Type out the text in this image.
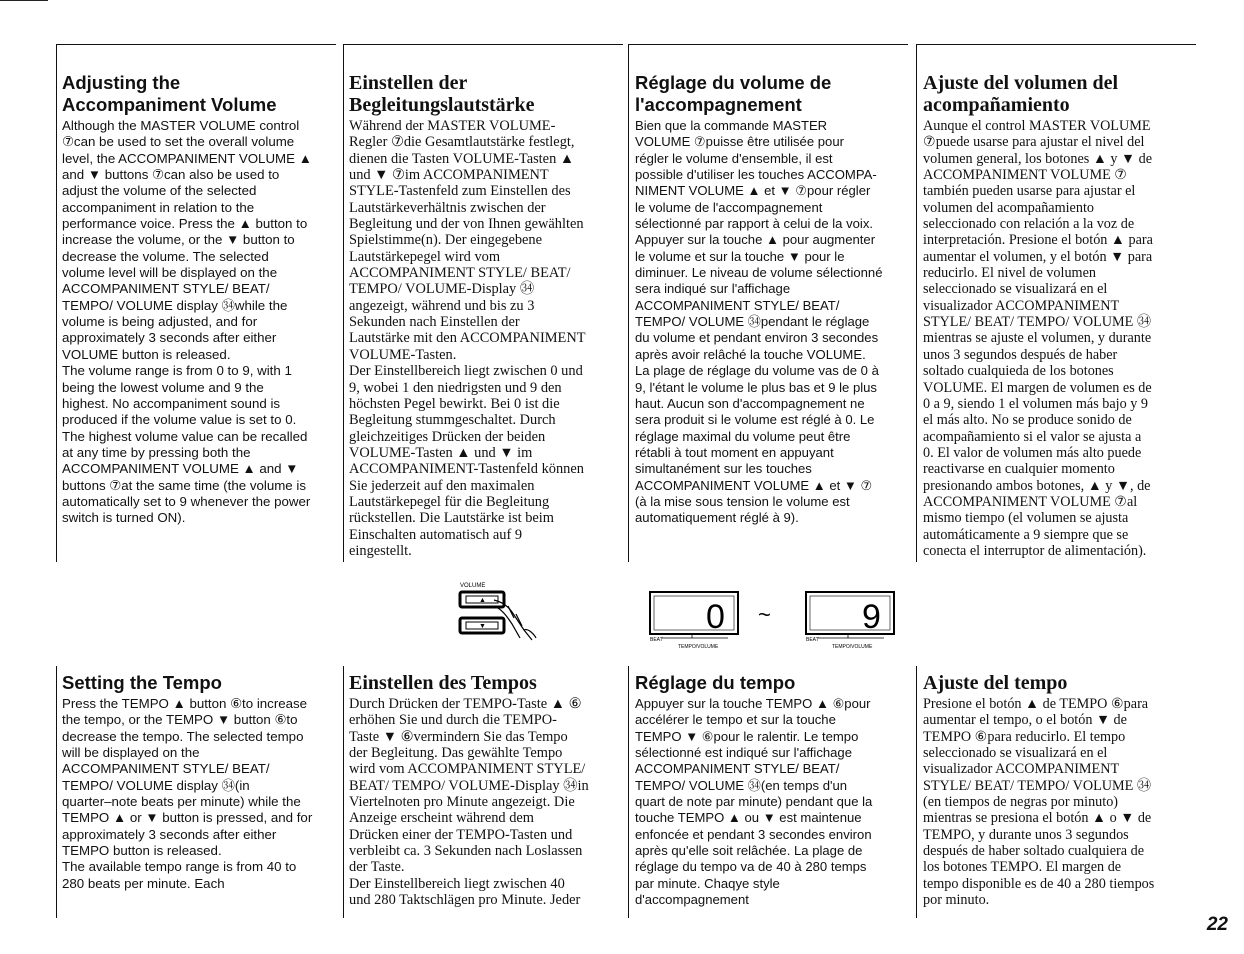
Adjusting the
Accompaniment Volume
Although the MASTER VOLUME control
⑦can be used to set the overall volume
level, the ACCOMPANIMENT VOLUME ▲
and ▼ buttons ⑦can also be used to
adjust the volume of the selected
accompaniment in relation to the
performance voice. Press the ▲ button to
increase the volume, or the ▼ button to
decrease the volume. The selected
volume level will be displayed on the
ACCOMPANIMENT STYLE/ BEAT/
TEMPO/ VOLUME display ㉞while the
volume is being adjusted, and for
approximately 3 seconds after either
VOLUME button is released.
The volume range is from 0 to 9, with 1
being the lowest volume and 9 the
highest. No accompaniment sound is
produced if the volume value is set to 0.
The highest volume value can be recalled
at any time by pressing both the
ACCOMPANIMENT VOLUME ▲ and ▼
buttons ⑦at the same time (the volume is
automatically set to 9 whenever the power
switch is turned ON).
Einstellen der
Begleitungslautstärke
Während der MASTER VOLUME-
Regler ⑦die Gesamtlautstärke festlegt,
dienen die Tasten VOLUME-Tasten ▲
und ▼ ⑦im ACCOMPANIMENT
STYLE-Tastenfeld zum Einstellen des
Lautstärkeverhältnis zwischen der
Begleitung und der von Ihnen gewählten
Spielstimme(n). Der eingegebene
Lautstärkepegel wird vom
ACCOMPANIMENT STYLE/ BEAT/
TEMPO/ VOLUME-Display ㉞
angezeigt, während und bis zu 3
Sekunden nach Einstellen der
Lautstärke mit den ACCOMPANIMENT
VOLUME-Tasten.
Der Einstellbereich liegt zwischen 0 und
9, wobei 1 den niedrigsten und 9 den
höchsten Pegel bewirkt. Bei 0 ist die
Begleitung stummgeschaltet. Durch
gleichzeitiges Drücken der beiden
VOLUME-Tasten ▲ und ▼ im
ACCOMPANIMENT-Tastenfeld können
Sie jederzeit auf den maximalen
Lautstärkepegel für die Begleitung
rückstellen. Die Lautstärke ist beim
Einschalten automatisch auf 9
eingestellt.
Réglage du volume de
l'accompagnement
Bien que la commande MASTER
VOLUME ⑦puisse être utilisée pour
régler le volume d'ensemble, il est
possible d'utiliser les touches ACCOMPA-
NIMENT VOLUME ▲ et ▼ ⑦pour régler
le volume de l'accompagnement
sélectionné par rapport à celui de la voix.
Appuyer sur la touche ▲ pour augmenter
le volume et sur la touche ▼ pour le
diminuer. Le niveau de volume sélectionné
sera indiqué sur l'affichage
ACCOMPANIMENT STYLE/ BEAT/
TEMPO/ VOLUME ㉞pendant le réglage
du volume et pendant environ 3 secondes
après avoir relâché la touche VOLUME.
La plage de réglage du volume vas de 0 à
9, l'étant le volume le plus bas et 9 le plus
haut. Aucun son d'accompagnement ne
sera produit si le volume est réglé à 0. Le
réglage maximal du volume peut être
rétabli à tout moment en appuyant
simultanément sur les touches
ACCOMPANIMENT VOLUME ▲ et ▼ ⑦
(à la mise sous tension le volume est
automatiquement réglé à 9).
Ajuste del volumen del
acompañamiento
Aunque el control MASTER VOLUME
⑦puede usarse para ajustar el nivel del
volumen general, los botones ▲ y ▼ de
ACCOMPANIMENT VOLUME ⑦
también pueden usarse para ajustar el
volumen del acompañamiento
seleccionado con relación a la voz de
interpretación. Presione el botón ▲ para
aumentar el volumen, y el botón ▼ para
reducirlo. El nivel de volumen
seleccionado se visualizará en el
visualizador ACCOMPANIMENT
STYLE/ BEAT/ TEMPO/ VOLUME ㉞
mientras se ajuste el volumen, y durante
unos 3 segundos después de haber
soltado cualquieda de los botones
VOLUME. El margen de volumen es de
0 a 9, siendo 1 el volumen más bajo y 9
el más alto. No se produce sonido de
acompañamiento si el valor se ajusta a
0. El valor de volumen más alto puede
reactivarse en cualquier momento
presionando ambos botones, ▲ y ▼, de
ACCOMPANIMENT VOLUME ⑦al
mismo tiempo (el volumen se ajusta
automáticamente a 9 siempre que se
conecta el interruptor de alimentación).
VOLUME
▲
▼	0 ~	9
BEAT
TEMPO/VOLUME
BEAT
TEMPO/VOLUME
Setting the Tempo
Press the TEMPO ▲ button ⑥to increase
the tempo, or the TEMPO ▼ button ⑥to
decrease the tempo. The selected tempo
will be displayed on the
ACCOMPANIMENT STYLE/ BEAT/
TEMPO/ VOLUME display ㉞(in
quarter–note beats per minute) while the
TEMPO ▲ or ▼ button is pressed, and for
approximately 3 seconds after either
TEMPO button is released.
The available tempo range is from 40 to
280 beats per minute. Each
Einstellen des Tempos
Durch Drücken der TEMPO-Taste ▲ ⑥
erhöhen Sie und durch die TEMPO-
Taste ▼ ⑥vermindern Sie das Tempo
der Begleitung. Das gewählte Tempo
wird vom ACCOMPANIMENT STYLE/
BEAT/ TEMPO/ VOLUME-Display ㉞in
Viertelnoten pro Minute angezeigt. Die
Anzeige erscheint während dem
Drücken einer der TEMPO-Tasten und
verbleibt ca. 3 Sekunden nach Loslassen
der Taste.
Der Einstellbereich liegt zwischen 40
und 280 Taktschlägen pro Minute. Jeder
Réglage du tempo
Appuyer sur la touche TEMPO ▲ ⑥pour
accélérer le tempo et sur la touche
TEMPO ▼ ⑥pour le ralentir. Le tempo
sélectionné est indiqué sur l'affichage
ACCOMPANIMENT STYLE/ BEAT/
TEMPO/ VOLUME ㉞(en temps d'un
quart de note par minute) pendant que la
touche TEMPO ▲ ou ▼ est maintenue
enfoncée et pendant 3 secondes environ
après qu'elle soit relâchée. La plage de
réglage du tempo va de 40 à 280 temps
par minute. Chaqye style
d'accompagnement
Ajuste del tempo
Presione el botón ▲ de TEMPO ⑥para
aumentar el tempo, o el botón ▼ de
TEMPO ⑥para reducirlo. El tempo
seleccionado se visualizará en el
visualizador ACCOMPANIMENT
STYLE/ BEAT/ TEMPO/ VOLUME ㉞
(en tiempos de negras por minuto)
mientras se presiona el botón ▲ o ▼ de
TEMPO, y durante unos 3 segundos
después de haber soltado cualquiera de
los botones TEMPO. El margen de
tempo disponible es de 40 a 280 tiempos
por minuto.
22
